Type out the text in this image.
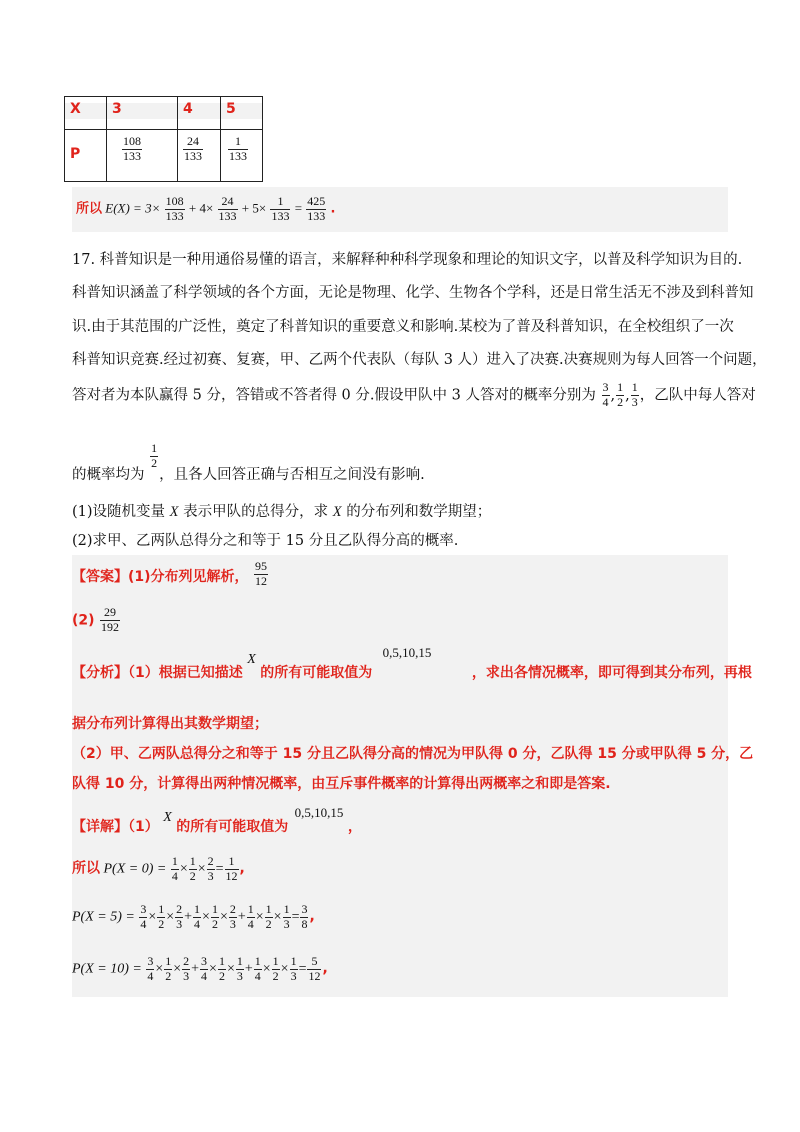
X	3	4	5

P	$\frac{108}{133}$	$\frac{24}{133}$	$\frac{1}{133}$
所以 $E(X) = 3\times \frac{108}{133} + 4\times \frac{24}{133} + 5\times \frac{1}{133} = \frac{425}{133}$ .
17. 科普知识是一种用通俗易懂的语言，来解释种种科学现象和理论的知识文字，以普及科学知识为目的.
科普知识涵盖了科学领域的各个方面，无论是物理、化学、生物各个学科，还是日常生活无不涉及到科普知
识.由于其范围的广泛性，奠定了科普知识的重要意义和影响.某校为了普及科普知识，在全校组织了一次
科普知识竞赛.经过初赛、复赛，甲、乙两个代表队（每队 3 人）进入了决赛.决赛规则为每人回答一个问题，
答对者为本队赢得 5 分，答错或不答者得 0 分.假设甲队中 3 人答对的概率分别为 $\frac{3}{4}$ , $\frac{1}{2}$ , $\frac{1}{3}$ ，乙队中每人答对
的概率均为
$\frac{1}{2}$
，且各人回答正确与否相互之间没有影响.
(1)设随机变量 X 表示甲队的总得分，求 X 的分布列和数学期望；
(2)求甲、乙两队总得分之和等于 15 分且乙队得分高的概率.
【答案】(1)分布列见解析， $\frac{95}{12}$
$(2) \frac{29}{192}$
【分析】（1）根据已知描述 X 的所有可能取值为 0,5,10,15 ，求出各情况概率，即可得到其分布列，再根
据分布列计算得出其数学期望；
（2）甲、乙两队总得分之和等于 15 分且乙队得分高的情况为甲队得 0 分，乙队得 15 分或甲队得 5 分，乙
队得 10 分，计算得出两种情况概率，由互斥事件概率的计算得出两概率之和即是答案.
【详解】（1） X 的所有可能取值为 0,5,10,15 ，
所以 $P(X = 0) = \frac{1}{4} \times \frac{1}{2} \times \frac{2}{3} = \frac{1}{12}$ ,
$P(X = 5) = \frac{3}{4} \times \frac{1}{2} \times \frac{2}{3} + \frac{1}{4} \times \frac{1}{2} \times \frac{2}{3} + \frac{1}{4} \times \frac{1}{2} \times \frac{1}{3} = \frac{3}{8}$ ,
$P(X = 10) = \frac{3}{4} \times \frac{1}{2} \times \frac{2}{3} + \frac{3}{4} \times \frac{1}{2} \times \frac{1}{3} + \frac{1}{4} \times \frac{1}{2} \times \frac{1}{3} = \frac{5}{12}$ ,
